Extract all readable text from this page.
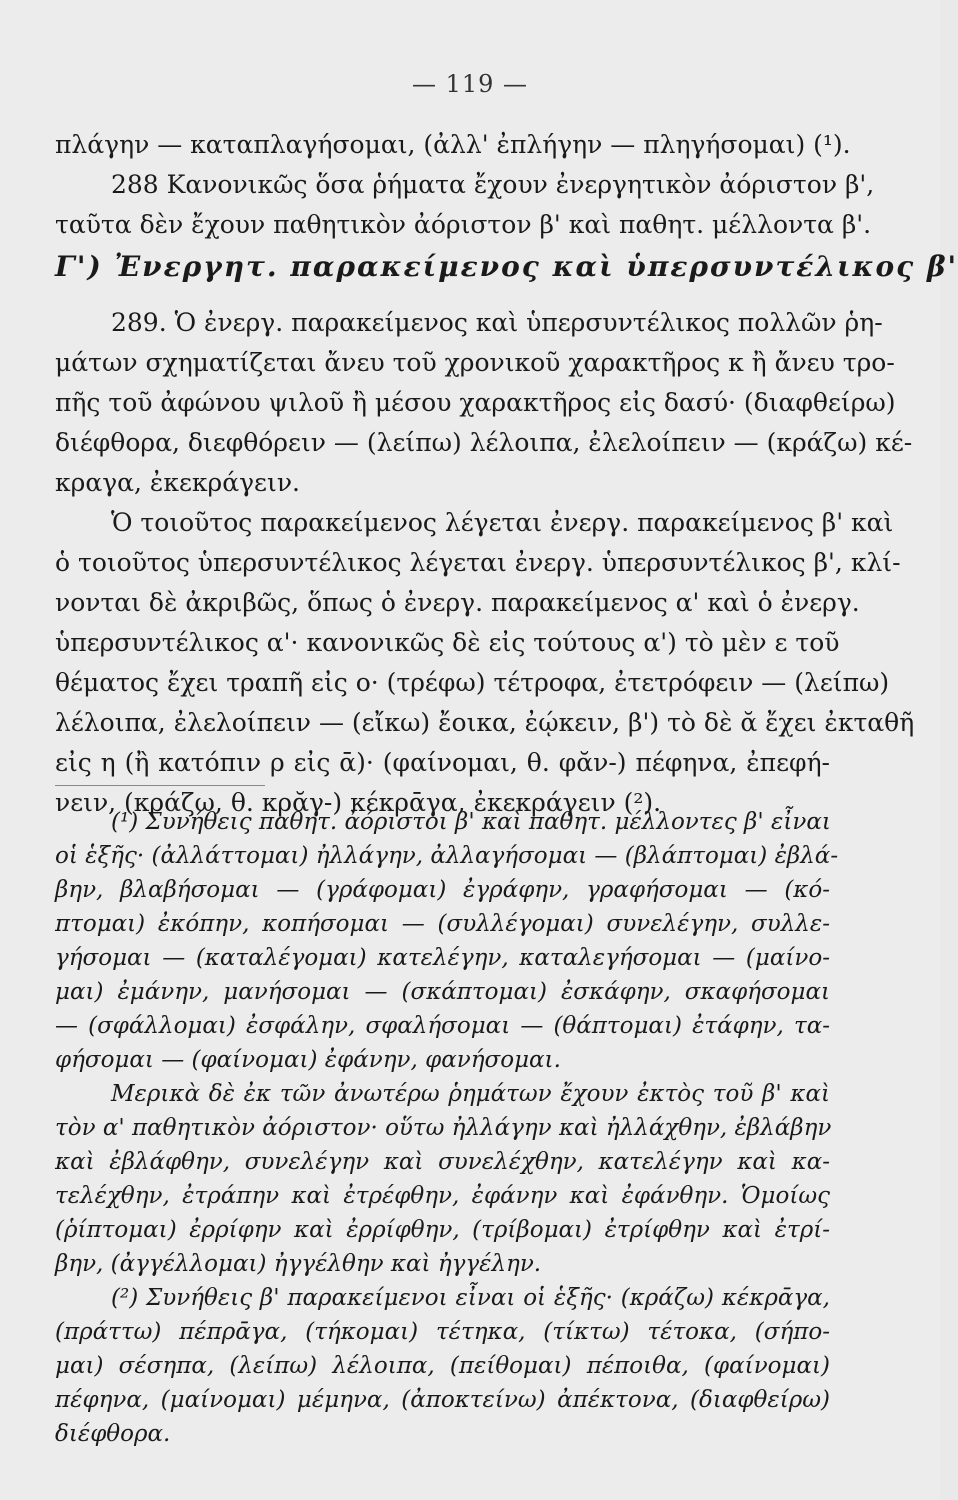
— 119 —
πλάγην — καταπλαγήσομαι, (ἀλλ' ἐπλήγην — πληγήσομαι) (¹).
288 Κανονικῶς ὅσα ῥήματα ἔχουν ἐνεργητικὸν ἀόριστον β',
ταῦτα δὲν ἔχουν παθητικὸν ἀόριστον β' καὶ παθητ. μέλλοντα β'.
Γ') Ἐνεργητ. παρακείμενος καὶ ὑπερσυντέλικος β'
289. Ὁ ἐνεργ. παρακείμενος καὶ ὑπερσυντέλικος πολλῶν ῥη-
μάτων σχηματίζεται ἄνευ τοῦ χρονικοῦ χαρακτῆρος κ ἢ ἄνευ τρο-
πῆς τοῦ ἀφώνου ψιλοῦ ἢ μέσου χαρακτῆρος εἰς δασύ· (διαφθείρω)
διέφθορα, διεφθόρειν — (λείπω) λέλοιπα, ἐλελοίπειν — (κράζω) κέ-
κραγα, ἐκεκράγειν.
Ὁ τοιοῦτος παρακείμενος λέγεται ἐνεργ. παρακείμενος β' καὶ
ὁ τοιοῦτος ὑπερσυντέλικος λέγεται ἐνεργ. ὑπερσυντέλικος β', κλί-
νονται δὲ ἀκριβῶς, ὅπως ὁ ἐνεργ. παρακείμενος α' καὶ ὁ ἐνεργ.
ὑπερσυντέλικος α'· κανονικῶς δὲ εἰς τούτους α') τὸ μὲν ε τοῦ
θέματος ἔχει τραπῆ εἰς ο· (τρέφω) τέτροφα, ἐτετρόφειν — (λείπω)
λέλοιπα, ἐλελοίπειν — (εἴκω) ἔοικα, ἐῴκειν, β') τὸ δὲ ᾰ ἔχει ἐκταθῆ
εἰς η (ἢ κατόπιν ρ εἰς ᾱ)· (φαίνομαι, θ. φᾰν-) πέφηνα, ἐπεφή-
νειν, (κράζω, θ. κρᾰγ-) κέκρᾱγα, ἐκεκράγειν (²).
(¹) Συνήθεις παθητ. ἀόριστοι β' καὶ παθητ. μέλλοντες β' εἶναι
οἱ ἑξῆς· (ἀλλάττομαι) ἠλλάγην, ἀλλαγήσομαι — (βλάπτομαι) ἐβλά-
βην, βλαβήσομαι — (γράφομαι) ἐγράφην, γραφήσομαι — (κό-
πτομαι) ἐκόπην, κοπήσομαι — (συλλέγομαι) συνελέγην, συλλε-
γήσομαι — (καταλέγομαι) κατελέγην, καταλεγήσομαι — (μαίνο-
μαι) ἐμάνην, μανήσομαι — (σκάπτομαι) ἐσκάφην, σκαφήσομαι
— (σφάλλομαι) ἐσφάλην, σφαλήσομαι — (θάπτομαι) ἐτάφην, τα-
φήσομαι — (φαίνομαι) ἐφάνην, φανήσομαι.
Μερικὰ δὲ ἐκ τῶν ἀνωτέρω ῥημάτων ἔχουν ἐκτὸς τοῦ β' καὶ
τὸν α' παθητικὸν ἀόριστον· οὕτω ἠλλάγην καὶ ἠλλάχθην, ἐβλάβην
καὶ ἐβλάφθην, συνελέγην καὶ συνελέχθην, κατελέγην καὶ κα-
τελέχθην, ἐτράπην καὶ ἐτρέφθην, ἐφάνην καὶ ἐφάνθην. Ὁμοίως
(ῥίπτομαι) ἐρρίφην καὶ ἐρρίφθην, (τρίβομαι) ἐτρίφθην καὶ ἐτρί-
βην, (ἀγγέλλομαι) ἠγγέλθην καὶ ἠγγέλην.
(²) Συνήθεις β' παρακείμενοι εἶναι οἱ ἑξῆς· (κράζω) κέκρᾱγα,
(πράττω) πέπρᾱγα, (τήκομαι) τέτηκα, (τίκτω) τέτοκα, (σήπο-
μαι) σέσηπα, (λείπω) λέλοιπα, (πείθομαι) πέποιθα, (φαίνομαι)
πέφηνα, (μαίνομαι) μέμηνα, (ἀποκτείνω) ἀπέκτονα, (διαφθείρω)
διέφθορα.
